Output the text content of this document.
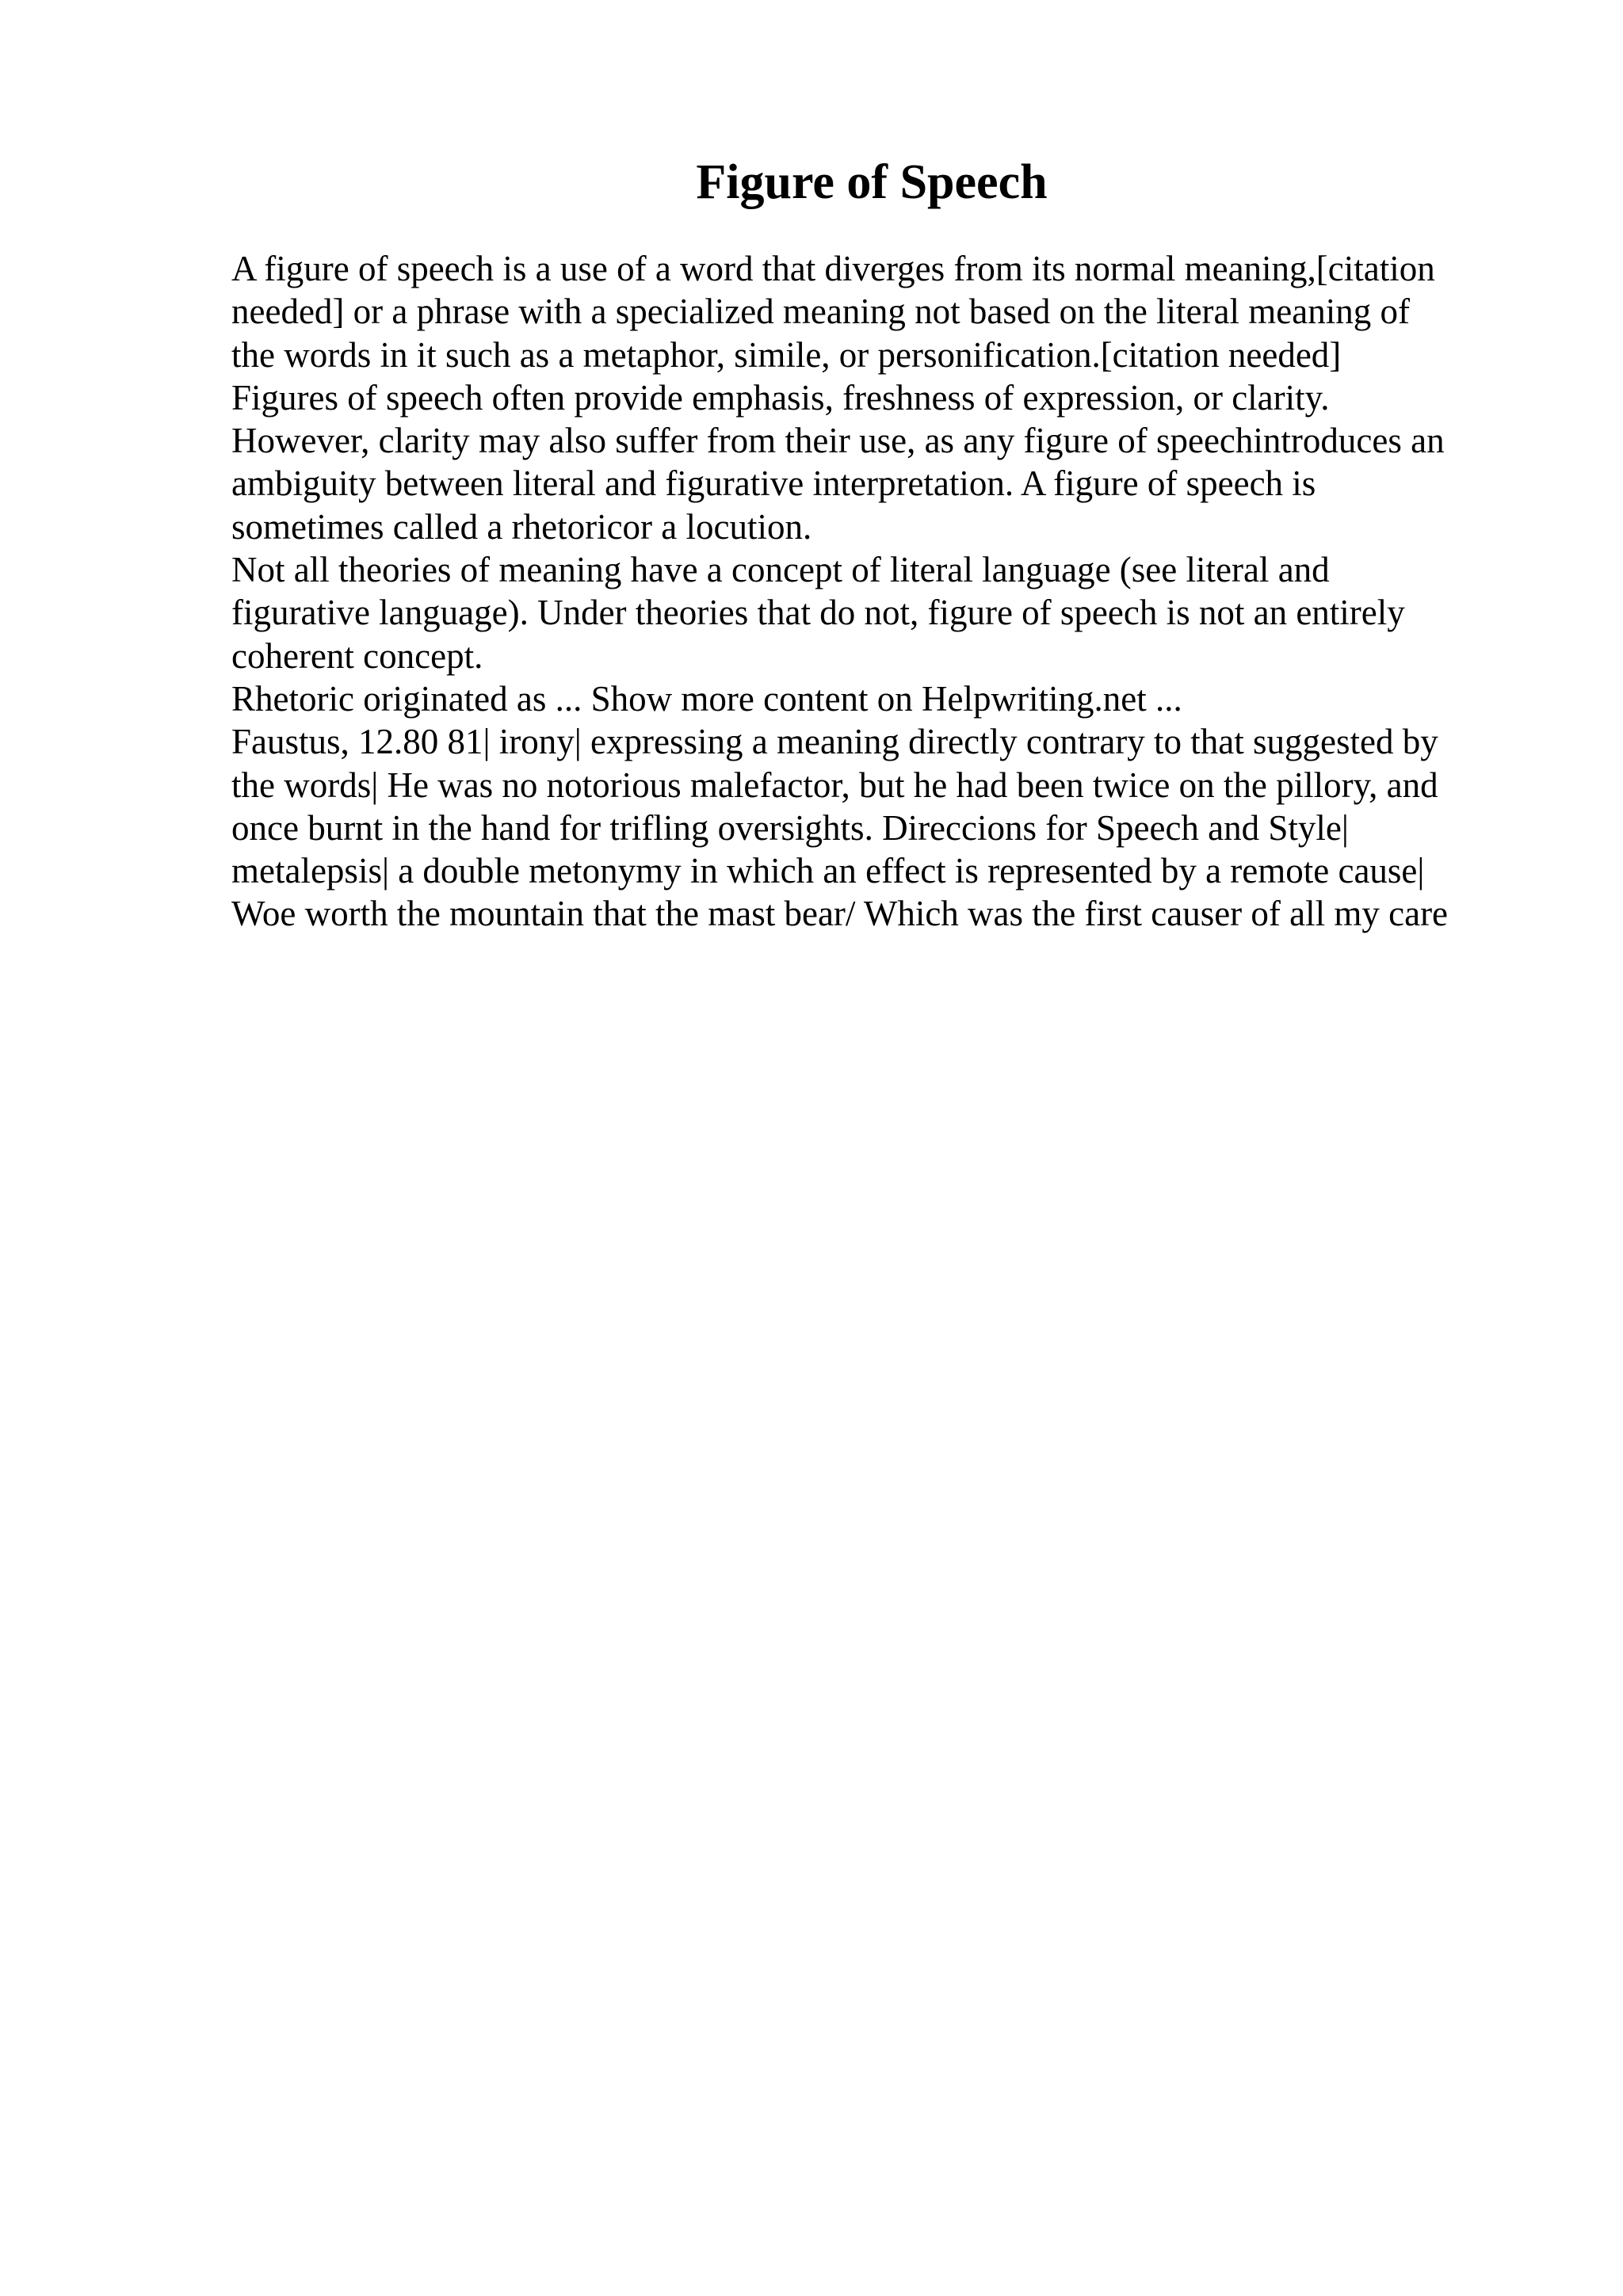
Figure of Speech
A figure of speech is a use of a word that diverges from its normal meaning,[citation
needed] or a phrase with a specialized meaning not based on the literal meaning of
the words in it such as a metaphor, simile, or personification.[citation needed]
Figures of speech often provide emphasis, freshness of expression, or clarity.
However, clarity may also suffer from their use, as any figure of speechintroduces an
ambiguity between literal and figurative interpretation. A figure of speech is
sometimes called a rhetoricor a locution.
Not all theories of meaning have a concept of literal language (see literal and
figurative language). Under theories that do not, figure of speech is not an entirely
coherent concept.
Rhetoric originated as ... Show more content on Helpwriting.net ...
Faustus, 12.80 81| irony| expressing a meaning directly contrary to that suggested by
the words| He was no notorious malefactor, but he had been twice on the pillory, and
once burnt in the hand for trifling oversights. Direccions for Speech and Style|
metalepsis| a double metonymy in which an effect is represented by a remote cause|
Woe worth the mountain that the mast bear/ Which was the first causer of all my care
